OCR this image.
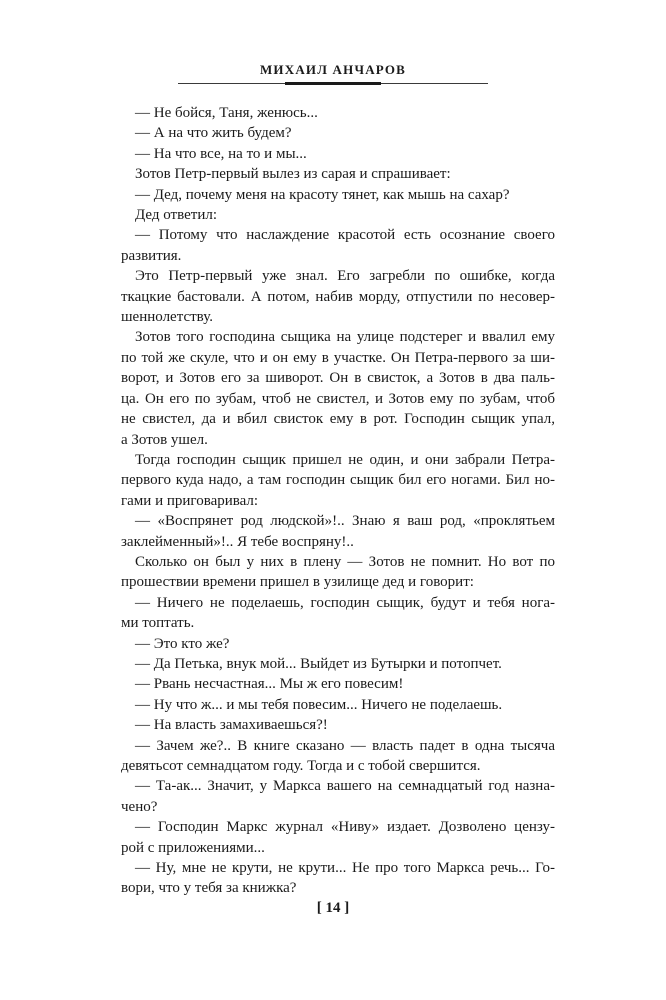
МИХАИЛ АНЧАРОВ

— Не бойся, Таня, женюсь...

— А на что жить будем?

— На что все, на то и мы...

Зотов Петр-первый вылез из сарая и спрашивает:

— Дед, почему меня на красоту тянет, как мышь на сахар?

Дед ответил:

— Потому что наслаждение красотой есть осознание своего
развития.

Это Петр-первый уже знал. Его загребли по ошибке, когда
ткацкие бастовали. А потом, набив морду, отпустили по несовер-
шеннолетству.

Зотов того господина сыщика на улице подстерег и ввалил ему
по той же скуле, что и он ему в участке. Он Петра-первого за ши-
ворот, и Зотов его за шиворот. Он в свисток, а Зотов в два паль-
ца. Он его по зубам, чтоб не свистел, и Зотов ему по зубам, чтоб
не свистел, да и вбил свисток ему в рот. Господин сыщик упал,
а Зотов ушел.

Тогда господин сыщик пришел не один, и они забрали Петра-
первого куда надо, а там господин сыщик бил его ногами. Бил но-
гами и приговаривал:

— «Воспрянет род людской»!.. Знаю я ваш род, «проклятьем
заклейменный»!.. Я тебе воспряну!..

Сколько он был у них в плену — Зотов не помнит. Но вот по
прошествии времени пришел в узилище дед и говорит:

— Ничего не поделаешь, господин сыщик, будут и тебя нога-
ми топтать.

— Это кто же?

— Да Петька, внук мой... Выйдет из Бутырки и потопчет.

— Рвань несчастная... Мы ж его повесим!

— Ну что ж... и мы тебя повесим... Ничего не поделаешь.

— На власть замахиваешься?!

— Зачем же?.. В книге сказано — власть падет в одна тысяча
девятьсот семнадцатом году. Тогда и с тобой свершится.

— Та-ак... Значит, у Маркса вашего на семнадцатый год назна-
чено?

— Господин Маркс журнал «Ниву» издает. Дозволено цензу-
рой с приложениями...

— Ну, мне не крути, не крути... Не про того Маркса речь... Го-
вори, что у тебя за книжка?

[ 14 ]
